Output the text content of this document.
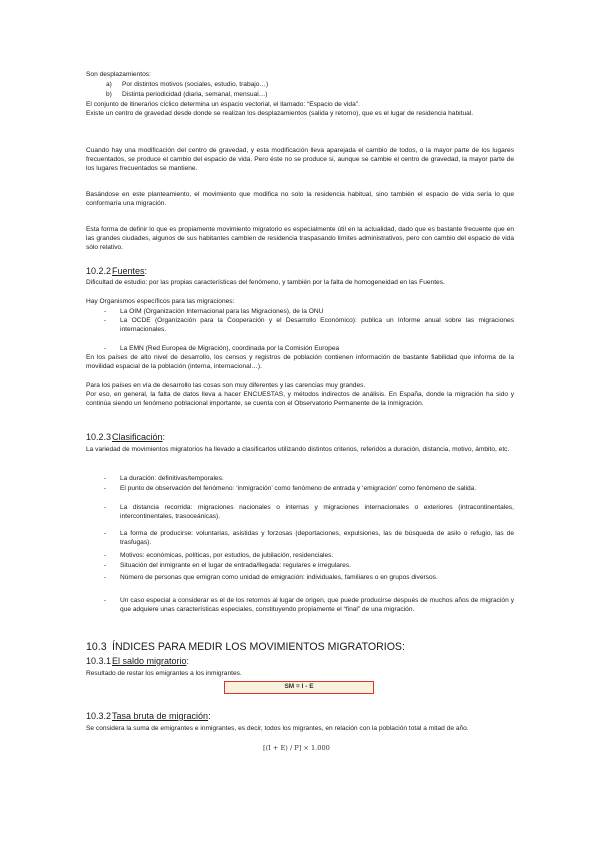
Son desplazamientos:
a) Por distintos motivos (sociales, estudio, trabajo…)
b) Distinta periodicidad (diaria, semanal, mensual…)
El conjunto de itinerarios cíclico determina un espacio vectorial, el llamado: “Espacio de vida”.
Existe un centro de gravedad desde donde se realizan los desplazamientos (salida y retorno), que es el lugar de residencia habitual.
Cuando hay una modificación del centro de gravedad, y esta modificación lleva aparejada el cambio de todos, o la mayor parte de los lugares frecuentados, se produce el cambio del espacio de vida. Pero éste no se produce si, aunque se cambie el centro de gravedad, la mayor parte de los lugares frecuentados se mantiene.
Basándose en este planteamiento, el movimiento que modifica no solo la residencia habitual, sino también el espacio de vida sería lo que conformaría una migración.
Esta forma de definir lo que es propiamente movimiento migratorio es especialmente útil en la actualidad, dado que es bastante frecuente que en las grandes ciudades, algunos de sus habitantes cambien de residencia traspasando límites administrativos, pero con cambio del espacio de vida sólo relativo.
10.2.2Fuentes:
Dificultad de estudio: por las propias características del fenómeno, y también por la falta de homogeneidad en las Fuentes.
Hay Organismos específicos para las migraciones:
- La OIM (Organización Internacional para las Migraciones), de la ONU
- La OCDE (Organización para la Cooperación y el Desarrollo Económico): publica un Informe anual sobre las migraciones internacionales.
- La EMN (Red Europea de Migración), coordinada por la Comisión Europea
En los países de alto nivel de desarrollo, los censos y registros de población contienen información de bastante fiabilidad que informa de la movilidad espacial de la población (interna, internacional…).
Para los países en vía de desarrollo las cosas son muy diferentes y las carencias muy grandes.
Por eso, en general, la falta de datos lleva a hacer ENCUESTAS, y métodos indirectos de análisis. En España, donde la migración ha sido y continúa siendo un fenómeno poblacional importante, se cuenta con el Observatorio Permanente de la Inmigración.
10.2.3Clasificación:
La variedad de movimientos migratorios ha llevado a clasificarlos utilizando distintos criterios, referidos a duración, distancia, motivo, ámbito, etc.
- La duración: definitivas/temporales.
- El punto de observación del fenómeno: ‘inmigración’ como fenómeno de entrada y ‘emigración’ como fenómeno de salida.
- La distancia recorrida: migraciones nacionales o internas y migraciones internacionales o exteriores (intracontinentales, intercontinentales, trasoceánicas).
- La forma de producirse: voluntarias, asistidas y forzosas (deportaciones, expulsiones, las de búsqueda de asilo o refugio, las de trasfugas).
- Motivos: económicas, políticas, por estudios, de jubilación, residenciales.
- Situación del inmigrante en el lugar de entrada/llegada: regulares e irregulares.
- Número de personas que emigran como unidad de emigración: individuales, familiares o en grupos diversos.
- Un caso especial a considerar es el de los retornos al lugar de origen, que puede producirse después de muchos años de migración y que adquiere unas características especiales, constituyendo propiamente el “final” de una migración.
10.3 ÍNDICES PARA MEDIR LOS MOVIMIENTOS MIGRATORIOS:
10.3.1El saldo migratorio:
Resultado de restar los emigrantes a los inmigrantes.
SM = I - E
10.3.2Tasa bruta de migración:
Se considera la suma de emigrantes e inmigrantes, es decir, todos los migrantes, en relación con la población total a mitad de año.
[(I + E) / P] × 1.000
